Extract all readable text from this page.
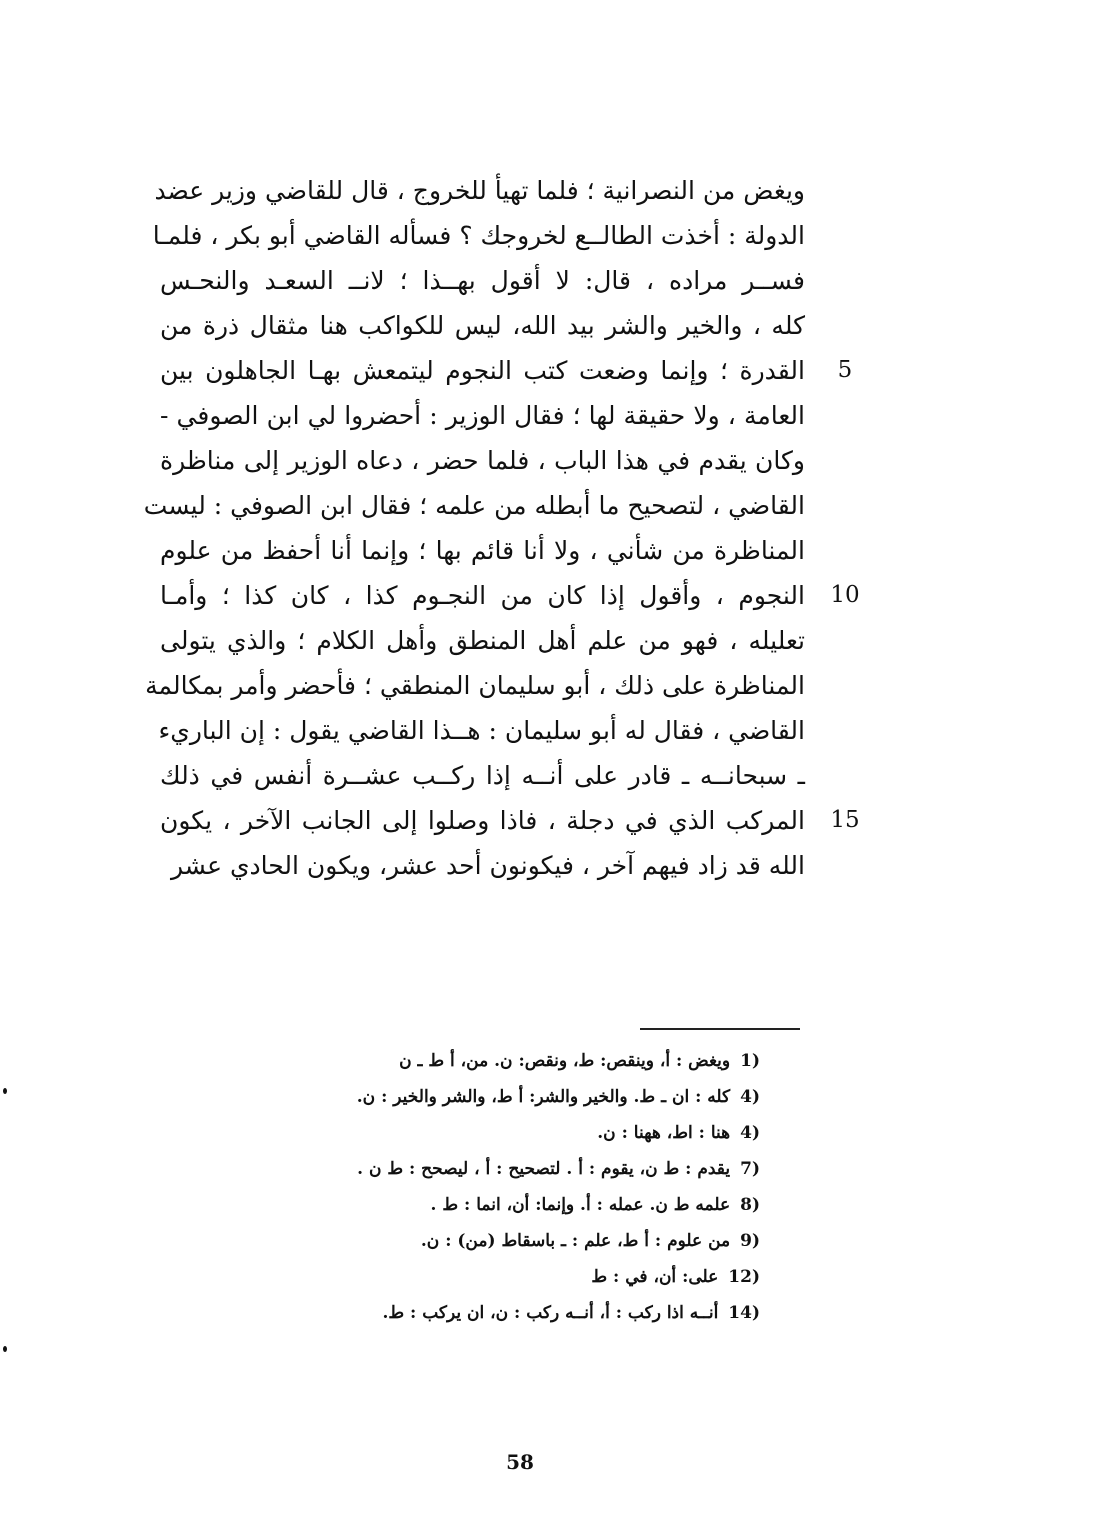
ويغض من النصرانية ؛ فلما تهيأ للخروج ، قال للقاضي وزير عضد
الدولة : أخذت الطالــع لخروجك ؟ فسأله القاضي أبو بكر ، فلمـا
فســر مراده ، قال: لا أقول بهــذا ؛ لانــ السعـد والنحـس
كله ، والخير والشر بيد الله، ليس للكواكب هنا مثقال ذرة من
القدرة ؛ وإنما وضعت كتب النجوم ليتمعش بهـا الجاهلون بين	5
العامة ، ولا حقيقة لها ؛ فقال الوزير : أحضروا لي ابن الصوفي -
وكان يقدم في هذا الباب ، فلما حضر ، دعاه الوزير إلى مناظرة
القاضي ، لتصحيح ما أبطله من علمه ؛ فقال ابن الصوفي : ليست
المناظرة من شأني ، ولا أنا قائم بها ؛ وإنما أنا أحفظ من علوم
النجوم ، وأقول إذا كان من النجـوم كذا ، كان كذا ؛ وأمـا	10
تعليله ، فهو من علم أهل المنطق وأهل الكلام ؛ والذي يتولى
المناظرة على ذلك ، أبو سليمان المنطقي ؛ فأحضر وأمر بمكالمة
القاضي ، فقال له أبو سليمان : هــذا القاضي يقول : إن الباريء
ـ سبحانــه ـ قادر على أنــه إذا ركــب عشــرة أنفس في ذلك
المركب الذي في دجلة ، فاذا وصلوا إلى الجانب الآخر ، يكون	15
الله قد زاد فيهم آخر ، فيكونون أحد عشر، ويكون الحادي عشر
1)ويغض : أ، وينقص: ط، ونقص: ن. من، أ ط ـ ن
4)كله : ان ـ ط. والخير والشر: أ ط، والشر والخير : ن.
4)هنا : اط، ههنا : ن.
7)يقدم : ط ن، يقوم : أ . لتصحيح : أ ، ليصحح : ط ن .
8)علمه ط ن. عمله : أ. وإنما: أن، انما : ط .
9)من علوم : أ ط، علم : ـ باسقاط (من) : ن.
12)على: أن، في : ط
14)أنــه اذا ركب : أ، أنــه ركب : ن، ان يركب : ط.
58
